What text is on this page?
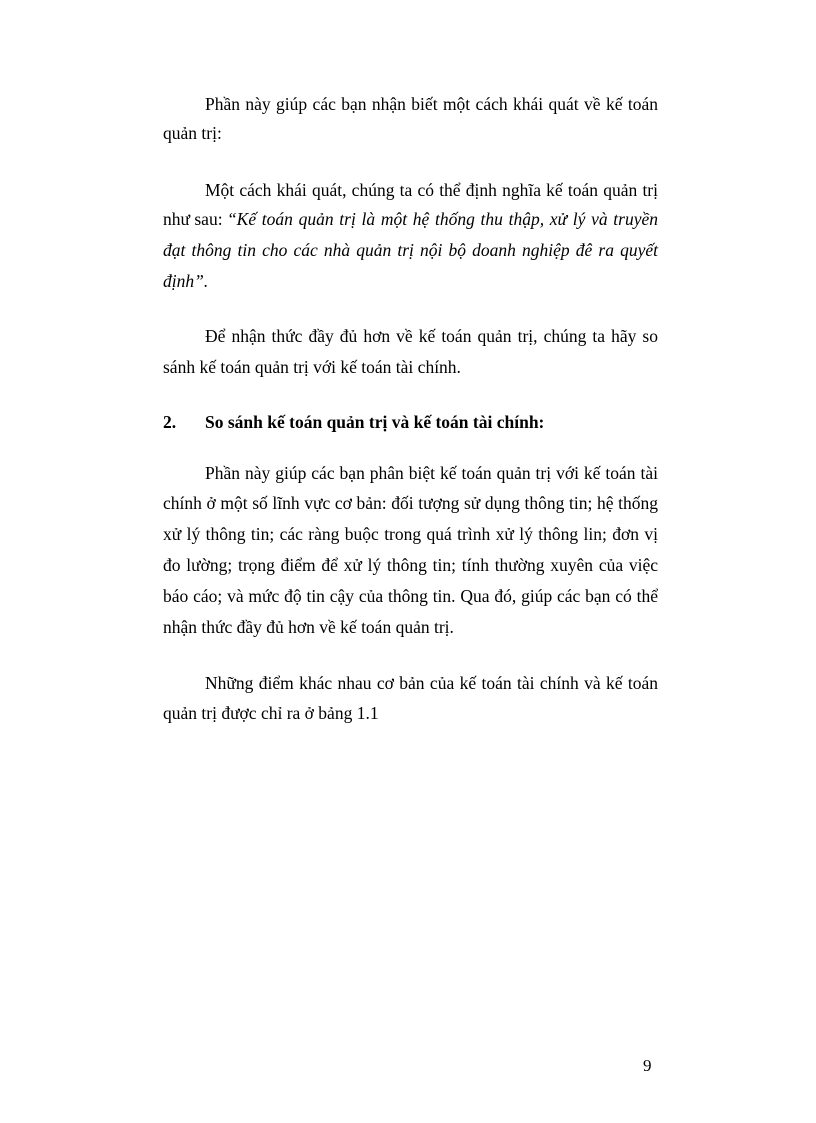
Phần này giúp các bạn nhận biết một cách khái quát về kế toán
quản trị:
Một cách khái quát, chúng ta có thể định nghĩa kế toán quản trị
như sau: “Kế toán quản trị là một hệ thống thu thập, xử lý và truyền
đạt thông tin cho các nhà quản trị nội bộ doanh nghiệp đê ra quyết
định”.
Để nhận thức đầy đủ hơn về kế toán quản trị, chúng ta hãy so
sánh kế toán quản trị với kế toán tài chính.
2. So sánh kế toán quản trị và kế toán tài chính:
Phần này giúp các bạn phân biệt kế toán quản trị với kế toán tài
chính ở một số lĩnh vực cơ bản: đối tượng sử dụng thông tin; hệ thống
xử lý thông tin; các ràng buộc trong quá trình xử lý thông lin; đơn vị
đo lường; trọng điểm để xử lý thông tin; tính thường xuyên của việc
báo cáo; và mức độ tin cậy của thông tin. Qua đó, giúp các bạn có thể
nhận thức đầy đủ hơn về kế toán quản trị.
Những điểm khác nhau cơ bản của kế toán tài chính và kế toán
quản trị được chỉ ra ở bảng 1.1
9
